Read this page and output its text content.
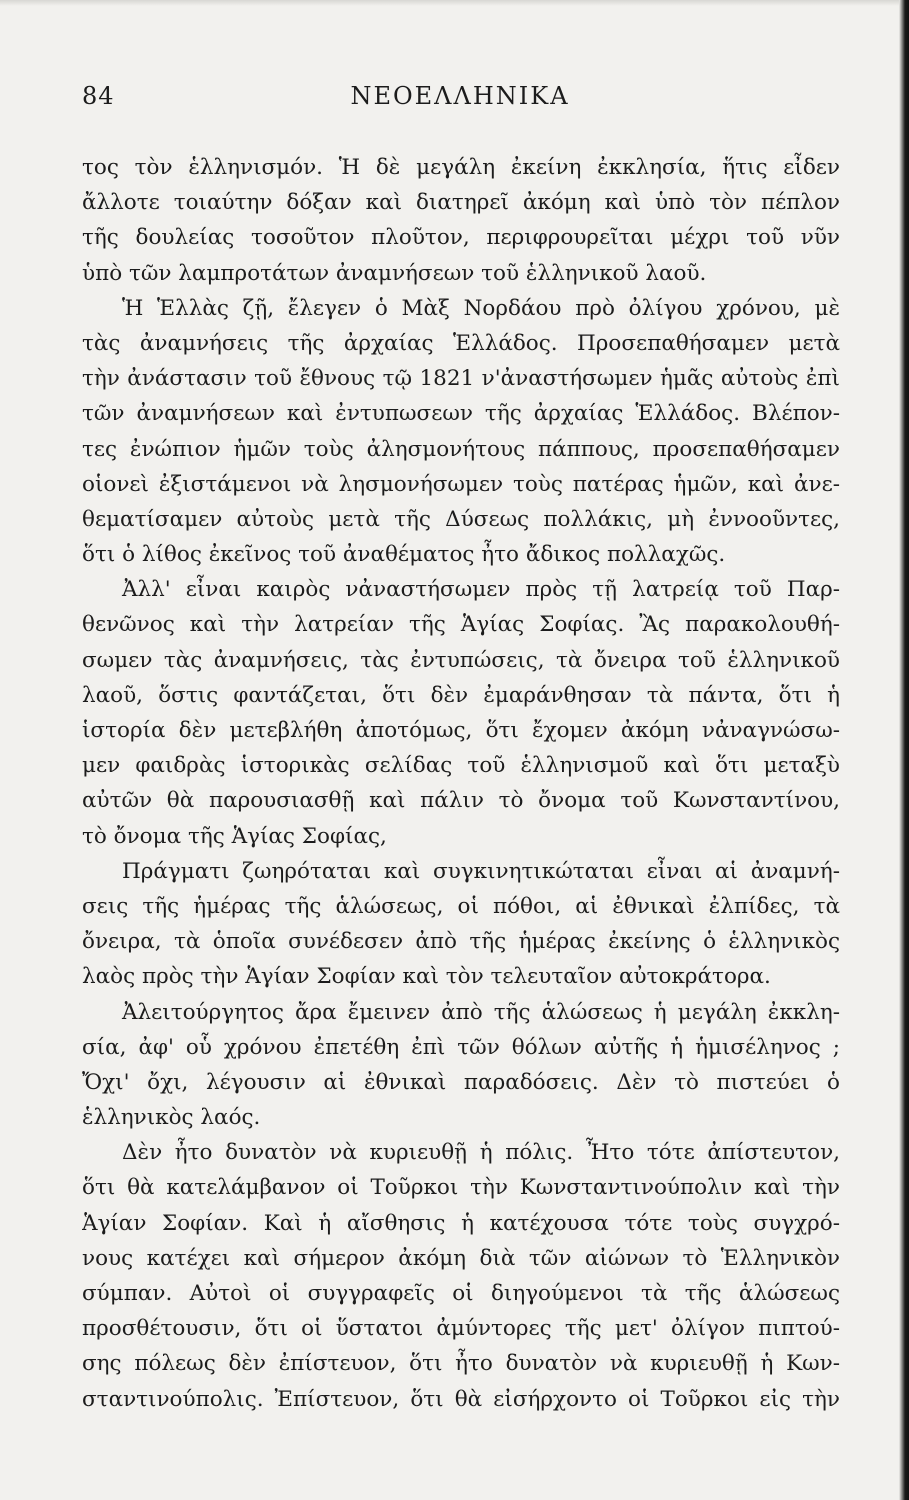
84	ΝΕΟΕΛΛΗΝΙΚΑ
τος τὸν ἑλληνισμόν. Ἡ δὲ μεγάλη ἐκείνη ἐκκλησία, ἥτις εἶδεν
ἄλλοτε τοιαύτην δόξαν καὶ διατηρεῖ ἀκόμη καὶ ὑπὸ τὸν πέπλον
τῆς δουλείας τοσοῦτον πλοῦτον, περιφρουρεῖται μέχρι τοῦ νῦν
ὑπὸ τῶν λαμπροτάτων ἀναμνήσεων τοῦ ἑλληνικοῦ λαοῦ.
Ἡ Ἑλλὰς ζῇ, ἔλεγεν ὁ Μὰξ Νορδάου πρὸ ὀλίγου χρόνου, μὲ
τὰς ἀναμνήσεις τῆς ἀρχαίας Ἑλλάδος. Προσεπαθήσαμεν μετὰ
τὴν ἀνάστασιν τοῦ ἔθνους τῷ 1821 ν'ἀναστήσωμεν ἡμᾶς αὐτοὺς ἐπὶ
τῶν ἀναμνήσεων καὶ ἐντυπωσεων τῆς ἀρχαίας Ἑλλάδος. Βλέπον-
τες ἐνώπιον ἡμῶν τοὺς ἀλησμονήτους πάππους, προσεπαθήσαμεν
οἱονεὶ ἐξιστάμενοι νὰ λησμονήσωμεν τοὺς πατέρας ἡμῶν, καὶ ἀνε-
θεματίσαμεν αὐτοὺς μετὰ τῆς Δύσεως πολλάκις, μὴ ἐννοοῦντες,
ὅτι ὁ λίθος ἐκεῖνος τοῦ ἀναθέματος ἦτο ἄδικος πολλαχῶς.
Ἀλλ' εἶναι καιρὸς νἀναστήσωμεν πρὸς τῇ λατρείᾳ τοῦ Παρ-
θενῶνος καὶ τὴν λατρείαν τῆς Ἁγίας Σοφίας. Ἂς παρακολουθή-
σωμεν τὰς ἀναμνήσεις, τὰς ἐντυπώσεις, τὰ ὄνειρα τοῦ ἑλληνικοῦ
λαοῦ, ὅστις φαντάζεται, ὅτι δὲν ἐμαράνθησαν τὰ πάντα, ὅτι ἡ
ἱστορία δὲν μετεβλήθη ἀποτόμως, ὅτι ἔχομεν ἀκόμη νἀναγνώσω-
μεν φαιδρὰς ἱστορικὰς σελίδας τοῦ ἑλληνισμοῦ καὶ ὅτι μεταξὺ
αὐτῶν θὰ παρουσιασθῇ καὶ πάλιν τὸ ὄνομα τοῦ Κωνσταντίνου,
τὸ ὄνομα τῆς Ἁγίας Σοφίας,
Πράγματι ζωηρόταται καὶ συγκινητικώταται εἶναι αἱ ἀναμνή-
σεις τῆς ἡμέρας τῆς ἁλώσεως, οἱ πόθοι, αἱ ἐθνικαὶ ἐλπίδες, τὰ
ὄνειρα, τὰ ὁποῖα συνέδεσεν ἀπὸ τῆς ἡμέρας ἐκείνης ὁ ἑλληνικὸς
λαὸς πρὸς τὴν Ἁγίαν Σοφίαν καὶ τὸν τελευταῖον αὐτοκράτορα.
Ἀλειτούργητος ἄρα ἔμεινεν ἀπὸ τῆς ἁλώσεως ἡ μεγάλη ἐκκλη-
σία, ἀφ' οὗ χρόνου ἐπετέθη ἐπὶ τῶν θόλων αὐτῆς ἡ ἡμισέληνος ;
Ὄχι' ὄχι, λέγουσιν αἱ ἐθνικαὶ παραδόσεις. Δὲν τὸ πιστεύει ὁ
ἑλληνικὸς λαός.
Δὲν ἦτο δυνατὸν νὰ κυριευθῇ ἡ πόλις. Ἦτο τότε ἀπίστευτον,
ὅτι θὰ κατελάμβανον οἱ Τοῦρκοι τὴν Κωνσταντινούπολιν καὶ τὴν
Ἁγίαν Σοφίαν. Καὶ ἡ αἴσθησις ἡ κατέχουσα τότε τοὺς συγχρό-
νους κατέχει καὶ σήμερον ἀκόμη διὰ τῶν αἰώνων τὸ Ἑλληνικὸν
σύμπαν. Αὐτοὶ οἱ συγγραφεῖς οἱ διηγούμενοι τὰ τῆς ἁλώσεως
προσθέτουσιν, ὅτι οἱ ὕστατοι ἀμύντορες τῆς μετ' ὀλίγον πιπτού-
σης πόλεως δὲν ἐπίστευον, ὅτι ἦτο δυνατὸν νὰ κυριευθῇ ἡ Κων-
σταντινούπολις. Ἐπίστευον, ὅτι θὰ εἰσήρχοντο οἱ Τοῦρκοι εἰς τὴν
